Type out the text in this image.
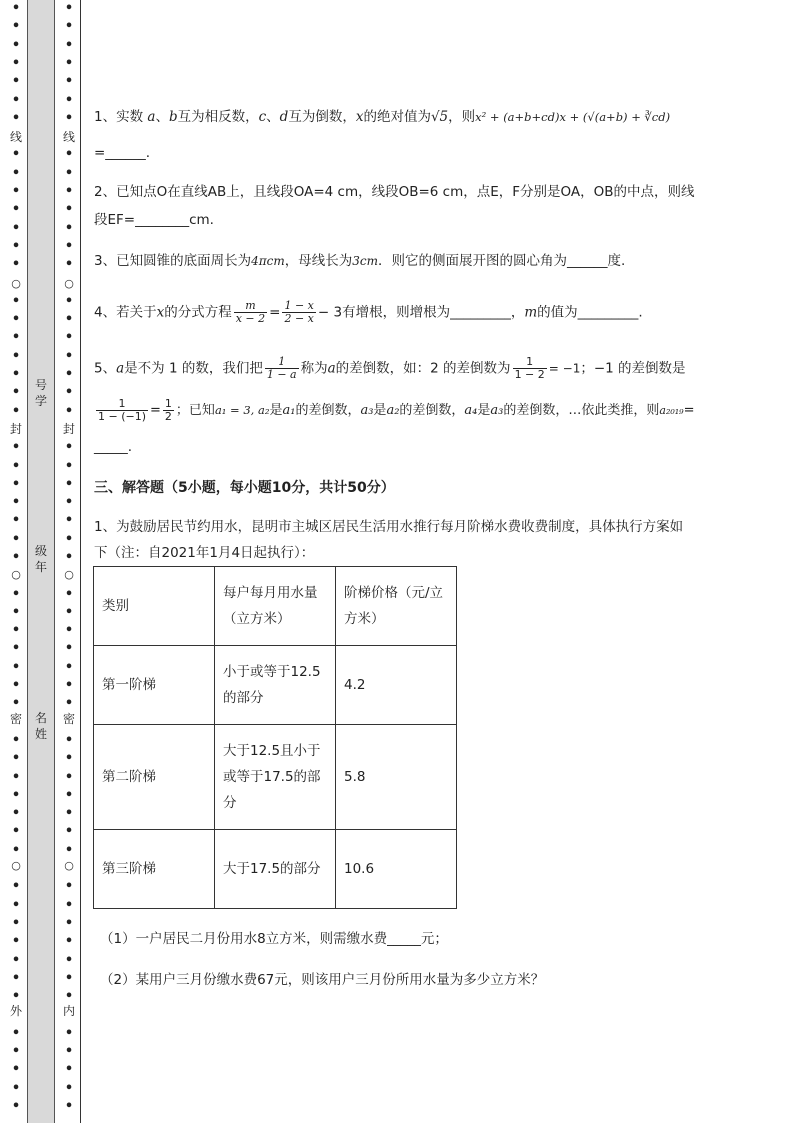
•
•
•
•
•
•
•
•
•
•
•
•
•
•
•
•
•
•
•
•
•
•
•
•
•
•
•
•
•
•
•
•
•
•
•
•
•
•
•
•
•
•
•
•
•
•
•
•
•
•
•
•
•
•
线
封
密
外
○
○
○
•
•
•
•
•
•
•
•
•
•
•
•
•
•
•
•
•
•
•
•
•
•
•
•
•
•
•
•
•
•
•
•
•
•
•
•
•
•
•
•
•
•
•
•
•
•
•
•
•
•
•
•
•
•
线
封
密
内
○
○
○
号学
级年
名姓
1、实数 a、b互为相反数，c、d互为倒数，x的绝对值为√5，则x² + (a+b+cd)x + (√(a+b) + ∛cd)
=______.
2、已知点O在直线AB上，且线段OA=4 cm，线段OB=6 cm，点E，F分别是OA，OB的中点，则线
段EF=________cm.
3、已知圆锥的底面周长为4πcm，母线长为3cm．则它的侧面展开图的圆心角为______度.
4、若关于x的分式方程 $\frac{m}{x - 2} = \frac{1 - x}{2 - x} - 3$有增根，则增根为_________，m的值为_________.
5、a是不为 1 的数，我们把 $\frac{1}{1 - a}$ 称为a的差倒数，如：2 的差倒数为 $\frac{1}{1 - 2} = -1$；−1 的差倒数是
$\frac{1}{1 - (-1)} = \frac{1}{2}$ ；已知a₁ = 3, a₂是a₁的差倒数，a₃是a₂的差倒数，a₄是a₃的差倒数，…依此类推，则a₂₀₁₉=
_____.
三、解答题（5小题，每小题10分，共计50分）
1、为鼓励居民节约用水，昆明市主城区居民生活用水推行每月阶梯水费收费制度，具体执行方案如
下（注：自2021年1月4日起执行）：
类别	每户每月用水量（立方米）	阶梯价格（元/立方米）
第一阶梯	小于或等于12.5的部分	4.2
第二阶梯	大于12.5且小于或等于17.5的部分	5.8
第三阶梯	大于17.5的部分	10.6
（1）一户居民二月份用水8立方米，则需缴水费_____元；
（2）某用户三月份缴水费67元，则该用户三月份所用水量为多少立方米？
